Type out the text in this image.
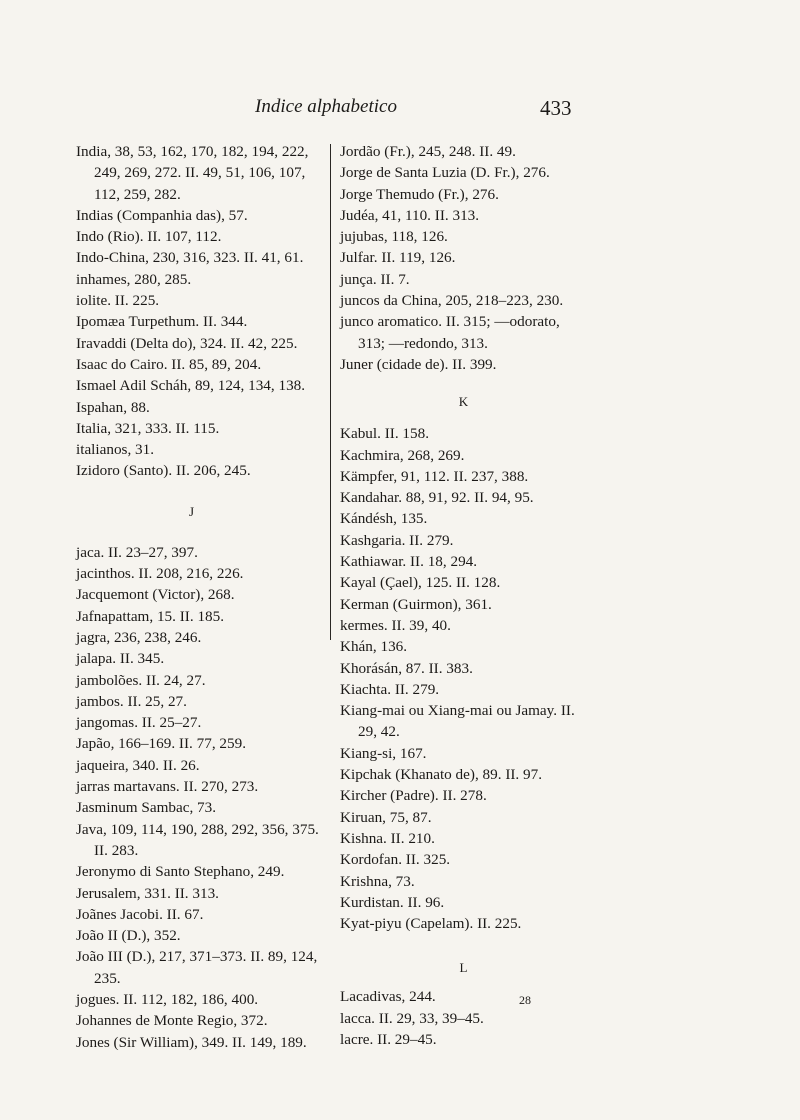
Indice alphabetico	433
India, 38, 53, 162, 170, 182, 194, 222, 249, 269, 272. II. 49, 51, 106, 107, 112, 259, 282.
Indias (Companhia das), 57.
Indo (Rio). II. 107, 112.
Indo-China, 230, 316, 323. II. 41, 61.
inhames, 280, 285.
iolite. II. 225.
Ipomæa Turpethum. II. 344.
Iravaddi (Delta do), 324. II. 42, 225.
Isaac do Cairo. II. 85, 89, 204.
Ismael Adil Scháh, 89, 124, 134, 138.
Ispahan, 88.
Italia, 321, 333. II. 115.
italianos, 31.
Izidoro (Santo). II. 206, 245.
J
jaca. II. 23–27, 397.
jacinthos. II. 208, 216, 226.
Jacquemont (Victor), 268.
Jafnapattam, 15. II. 185.
jagra, 236, 238, 246.
jalapa. II. 345.
jambolões. II. 24, 27.
jambos. II. 25, 27.
jangomas. II. 25–27.
Japão, 166–169. II. 77, 259.
jaqueira, 340. II. 26.
jarras martavans. II. 270, 273.
Jasminum Sambac, 73.
Java, 109, 114, 190, 288, 292, 356, 375. II. 283.
Jeronymo di Santo Stephano, 249.
Jerusalem, 331. II. 313.
Joãnes Jacobi. II. 67.
João II (D.), 352.
João III (D.), 217, 371–373. II. 89, 124, 235.
jogues. II. 112, 182, 186, 400.
Johannes de Monte Regio, 372.
Jones (Sir William), 349. II. 149, 189.
Jordão (Fr.), 245, 248. II. 49.
Jorge de Santa Luzia (D. Fr.), 276.
Jorge Themudo (Fr.), 276.
Judéa, 41, 110. II. 313.
jujubas, 118, 126.
Julfar. II. 119, 126.
junça. II. 7.
juncos da China, 205, 218–223, 230.
junco aromatico. II. 315; —odorato, 313; —redondo, 313.
Juner (cidade de). II. 399.
K
Kabul. II. 158.
Kachmira, 268, 269.
Kämpfer, 91, 112. II. 237, 388.
Kandahar. 88, 91, 92. II. 94, 95.
Kándésh, 135.
Kashgaria. II. 279.
Kathiawar. II. 18, 294.
Kayal (Çael), 125. II. 128.
Kerman (Guirmon), 361.
kermes. II. 39, 40.
Khán, 136.
Khorásán, 87. II. 383.
Kiachta. II. 279.
Kiang-mai ou Xiang-mai ou Jamay. II. 29, 42.
Kiang-si, 167.
Kipchak (Khanato de), 89. II. 97.
Kircher (Padre). II. 278.
Kiruan, 75, 87.
Kishna. II. 210.
Kordofan. II. 325.
Krishna, 73.
Kurdistan. II. 96.
Kyat-piyu (Capelam). II. 225.
L
Lacadivas, 244.
lacca. II. 29, 33, 39–45.
lacre. II. 29–45.
28
